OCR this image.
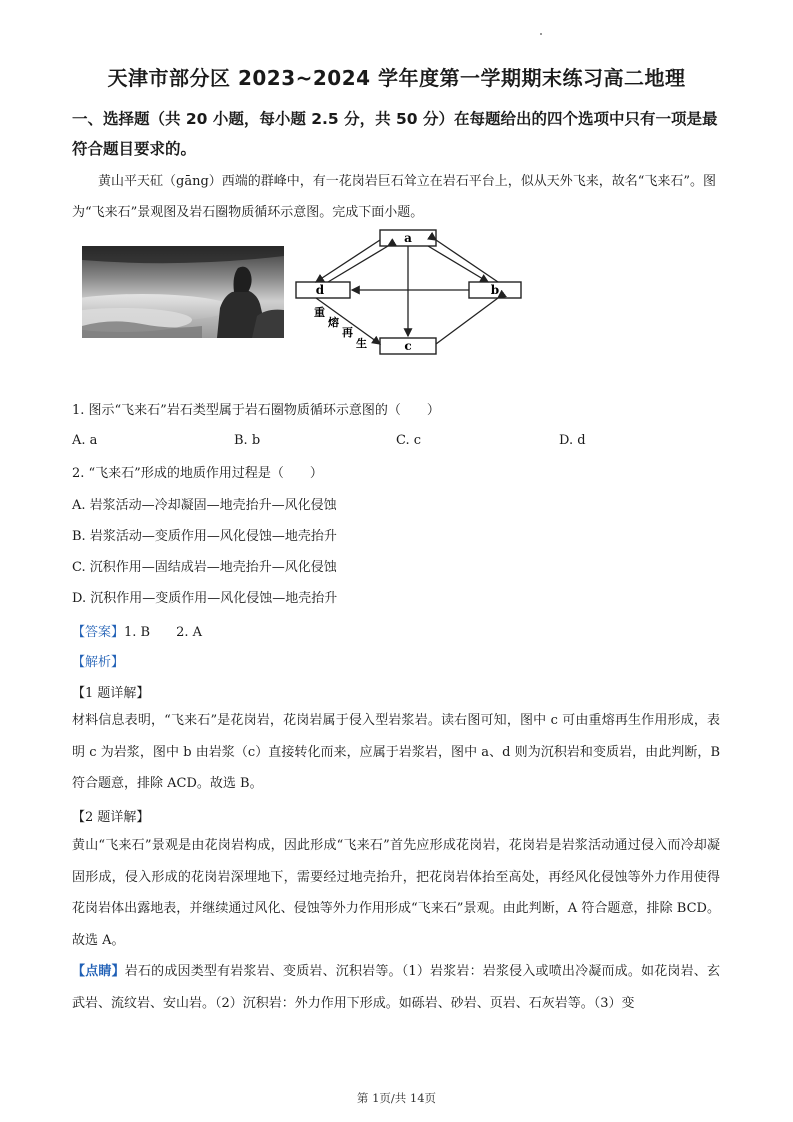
天津市部分区 2023~2024 学年度第一学期期末练习高二地理
一、选择题（共 20 小题，每小题 2.5 分，共 50 分）在每题给出的四个选项中只有一项是最符合题目要求的。
黄山平天矼（gāng）西端的群峰中，有一花岗岩巨石耸立在岩石平台上，似从天外飞来，故名“飞来石”。图为“飞来石”景观图及岩石圈物质循环示意图。完成下面小题。
a
b
c
d
重
熔
再
生
1. 图示“飞来石”岩石类型属于岩石圈物质循环示意图的（　　）
A. a	B. b	C. c	D. d
2. “飞来石”形成的地质作用过程是（　　）
A. 岩浆活动—冷却凝固—地壳抬升—风化侵蚀
B. 岩浆活动—变质作用—风化侵蚀—地壳抬升
C. 沉积作用—固结成岩—地壳抬升—风化侵蚀
D. 沉积作用—变质作用—风化侵蚀—地壳抬升
【答案】1. B　　2. A
【解析】
【1 题详解】
材料信息表明，“飞来石”是花岗岩，花岗岩属于侵入型岩浆岩。读右图可知，图中 c 可由重熔再生作用形成，表明 c 为岩浆，图中 b 由岩浆（c）直接转化而来，应属于岩浆岩，图中 a、d 则为沉积岩和变质岩，由此判断，B 符合题意，排除 ACD。故选 B。
【2 题详解】
黄山“飞来石”景观是由花岗岩构成，因此形成“飞来石”首先应形成花岗岩，花岗岩是岩浆活动通过侵入而冷却凝固形成，侵入形成的花岗岩深埋地下，需要经过地壳抬升，把花岗岩体抬至高处，再经风化侵蚀等外力作用使得花岗岩体出露地表，并继续通过风化、侵蚀等外力作用形成“飞来石”景观。由此判断，A 符合题意，排除 BCD。故选 A。
【点睛】岩石的成因类型有岩浆岩、变质岩、沉积岩等。（1）岩浆岩：岩浆侵入或喷出冷凝而成。如花岗岩、玄武岩、流纹岩、安山岩。（2）沉积岩：外力作用下形成。如砾岩、砂岩、页岩、石灰岩等。（3）变
第 1页/共 14页
